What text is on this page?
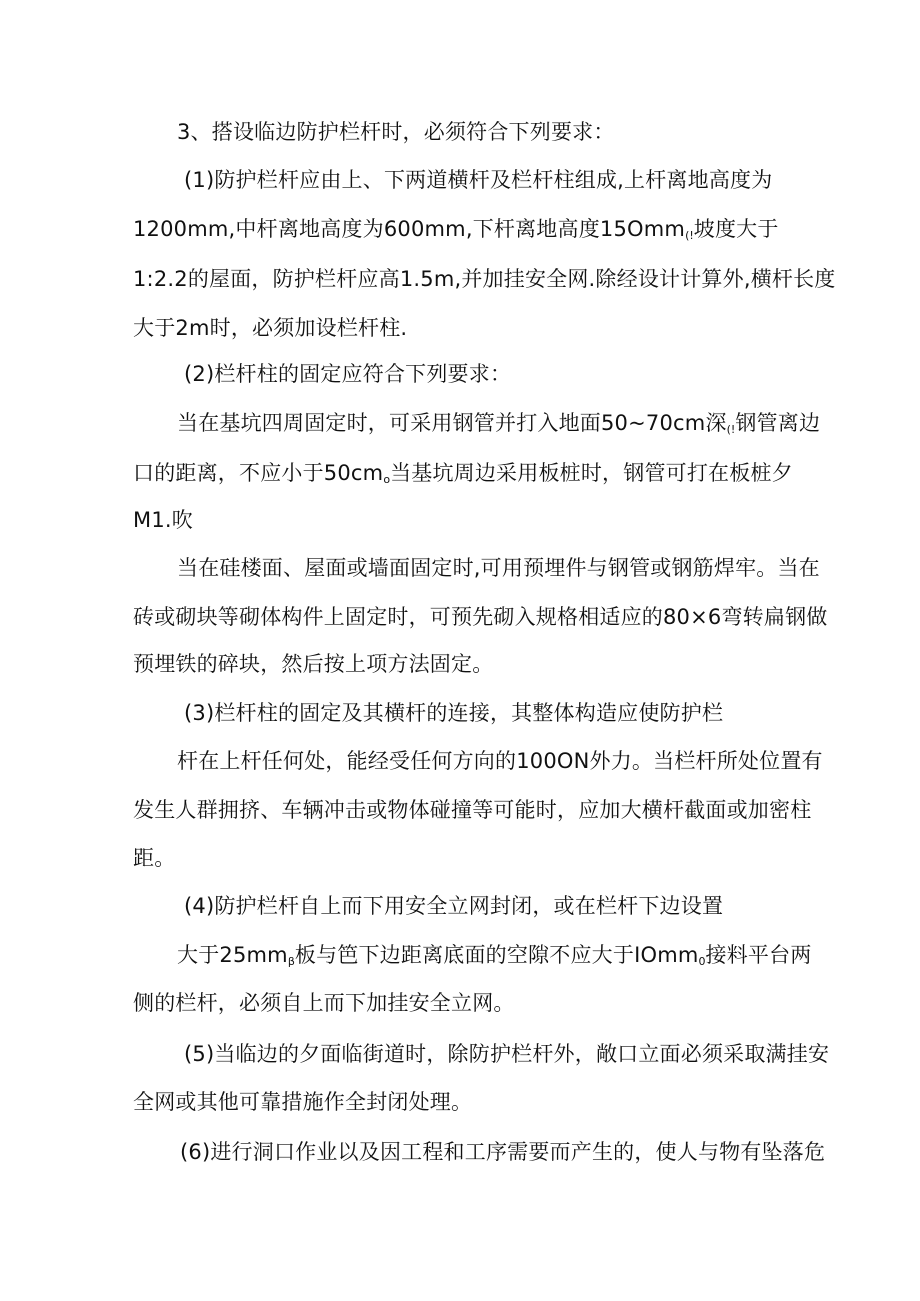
3、搭设临边防护栏杆时，必须符合下列要求：
(1)防护栏杆应由上、下两道横杆及栏杆柱组成,上杆离地高度为
1200mm,中杆离地高度为600mm,下杆离地高度15Omm$_{(!}$坡度大于
1:2.2的屋面，防护栏杆应高1.5m,并加挂安全网.除经设计计算外,横杆长度
大于2m时，必须加设栏杆柱.
(2)栏杆柱的固定应符合下列要求：
当在基坑四周固定时，可采用钢管并打入地面50~70cm深$_{(!}$钢管离边
口的距离，不应小于$50cm_o$当基坑周边采用板桩时，钢管可打在板桩夕
M1.吹
当在硅楼面、屋面或墙面固定时,可用预埋件与钢管或钢筋焊牢。当在
砖或砌块等砌体构件上固定时，可预先砌入规格相适应的80×6弯转扁钢做
预埋铁的碎块，然后按上项方法固定。
(3)栏杆柱的固定及其横杆的连接，其整体构造应使防护栏
杆在上杆任何处，能经受任何方向的100ON外力。当栏杆所处位置有
发生人群拥挤、车辆冲击或物体碰撞等可能时，应加大横杆截面或加密柱
距。
(4)防护栏杆自上而下用安全立网封闭，或在栏杆下边设置
大于$25mm_\beta$板与笆下边距离底面的空隙不应大于IOmm$_0$接料平台两
侧的栏杆，必须自上而下加挂安全立网。
(5)当临边的夕面临街道时，除防护栏杆外，敞口立面必须采取满挂安
全网或其他可靠措施作全封闭处理。
(6)进行洞口作业以及因工程和工序需要而产生的，使人与物有坠落危
